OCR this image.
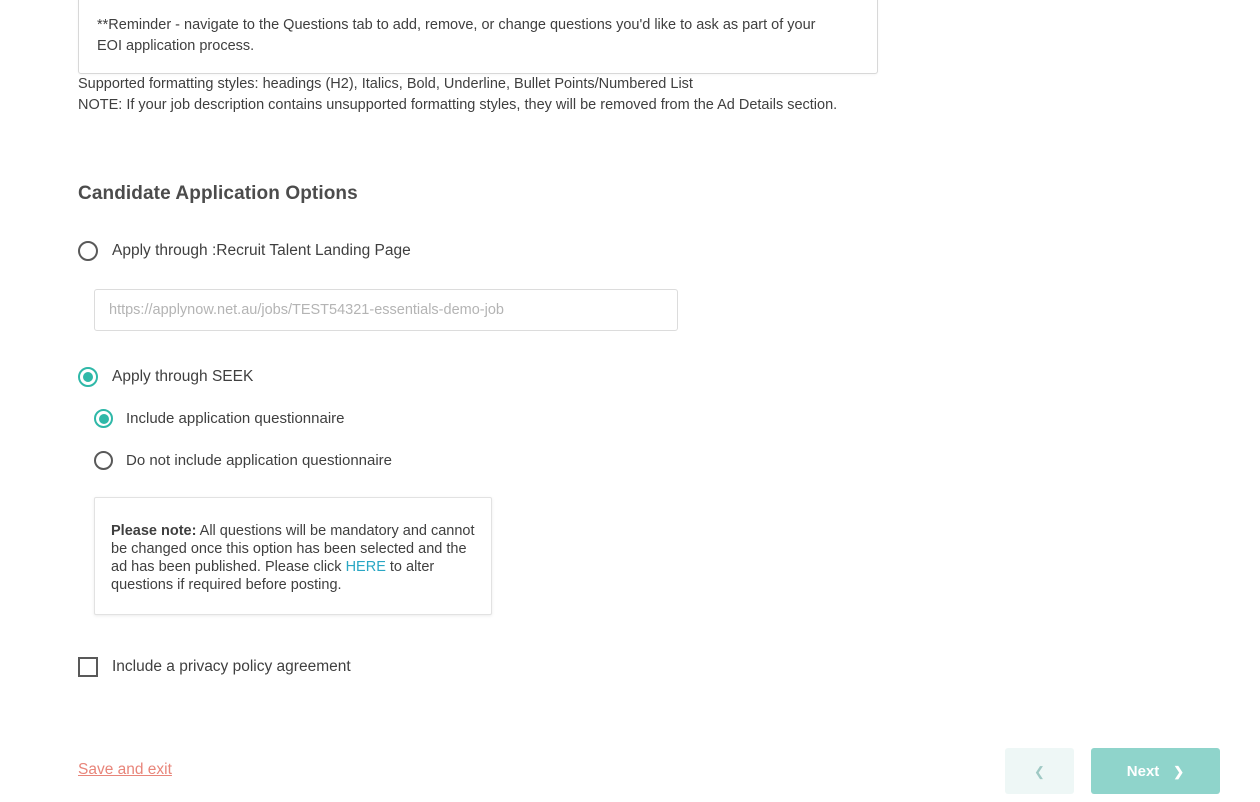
**Reminder - navigate to the Questions tab to add, remove, or change questions you'd like to ask as part of your EOI application process.
Supported formatting styles: headings (H2), Italics, Bold, Underline, Bullet Points/Numbered List
NOTE: If your job description contains unsupported formatting styles, they will be removed from the Ad Details section.
Candidate Application Options
Apply through :Recruit Talent Landing Page
https://applynow.net.au/jobs/TEST54321-essentials-demo-job
Apply through SEEK
Include application questionnaire
Do not include application questionnaire
Please note: All questions will be mandatory and cannot be changed once this option has been selected and the ad has been published. Please click HERE to alter questions if required before posting.
Include a privacy policy agreement
Save and exit	❮	Next ❯
